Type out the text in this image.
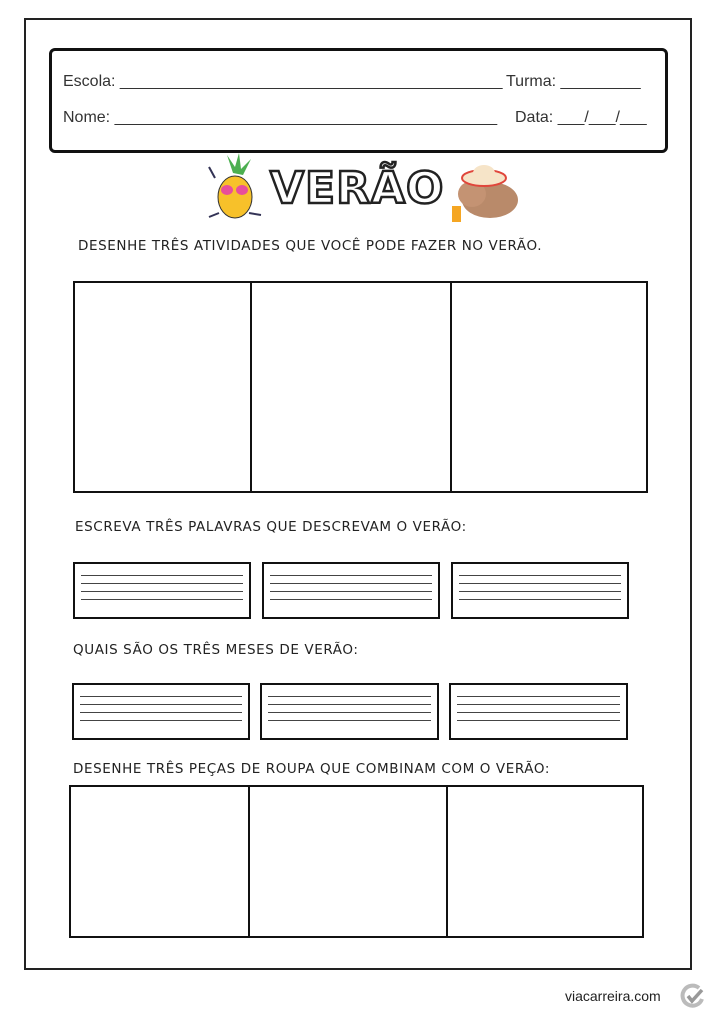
Escola: ___________________________________________ Turma: _________
Nome: ___________________________________________ Data: ___/___/___
VERÃO
DESENHE TRÊS ATIVIDADES QUE VOCÊ PODE FAZER NO VERÃO.
ESCREVA TRÊS PALAVRAS QUE DESCREVAM O VERÃO:
QUAIS SÃO OS TRÊS MESES DE VERÃO:
DESENHE TRÊS PEÇAS DE ROUPA QUE COMBINAM COM O VERÃO:
viacarreira.com
